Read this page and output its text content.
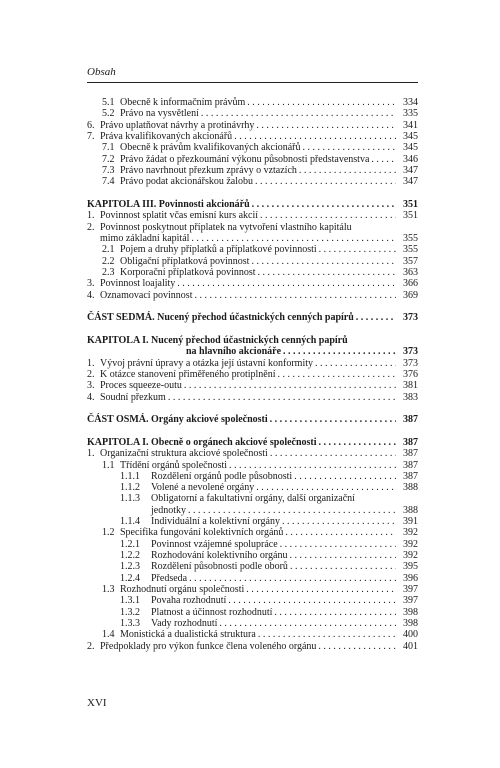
Obsah
5.1 Obecně k informačním právům . . .	334
5.2 Právo na vysvětlení . . .	335
6. Právo uplatňovat návrhy a protinávrhy . . .	341
7. Práva kvalifikovaných akcionářů . . .	345
7.1 Obecně k právům kvalifikovaných akcionářů . . .	345
7.2 Právo žádat o přezkoumání výkonu působnosti představenstva . . .	346
7.3 Právo navrhnout přezkum zprávy o vztazích . . .	347
7.4 Právo podat akcionářskou žalobu . . .	347
KAPITOLA III. Povinnosti akcionářů . . .	351
1. Povinnost splatit včas emisní kurs akcií . . .	351
2. Povinnost poskytnout příplatek na vytvoření vlastního kapitálu
mimo základní kapitál . . .	355
2.1 Pojem a druhy příplatků a příplatkové povinnosti . . .	355
2.2 Obligační příplatková povinnost . . .	357
2.3 Korporační příplatková povinnost . . .	363
3. Povinnost loajality . . .	366
4. Oznamovací povinnost . . .	369
ČÁST SEDMÁ. Nucený přechod účastnických cenných papírů . . .	373
KAPITOLA I. Nucený přechod účastnických cenných papírů
na hlavního akcionáře . . .	373
1. Vývoj právní úpravy a otázka její ústavní konformity . . .	373
2. K otázce stanovení přiměřeného protiplnění . . .	376
3. Proces squeeze-outu . . .	381
4. Soudní přezkum . . .	383
ČÁST OSMÁ. Orgány akciové společnosti . . .	387
KAPITOLA I. Obecně o orgánech akciové společnosti . . .	387
1. Organizační struktura akciové společnosti . . .	387
1.1 Třídění orgánů společnosti . . .	387
1.1.1 Rozdělení orgánů podle působnosti . . .	387
1.1.2 Volené a nevolené orgány . . .	388
1.1.3 Obligatorní a fakultativní orgány, další organizační
jednotky . . .	388
1.1.4 Individuální a kolektivní orgány . . .	391
1.2 Specifika fungování kolektivních orgánů . . .	392
1.2.1 Povinnost vzájemné spolupráce . . .	392
1.2.2 Rozhodování kolektivního orgánu . . .	392
1.2.3 Rozdělení působnosti podle oborů . . .	395
1.2.4 Předseda . . .	396
1.3 Rozhodnutí orgánu společnosti . . .	397
1.3.1 Povaha rozhodnutí . . .	397
1.3.2 Platnost a účinnost rozhodnutí . . .	398
1.3.3 Vady rozhodnutí . . .	398
1.4 Monistická a dualistická struktura . . .	400
2. Předpoklady pro výkon funkce člena voleného orgánu . . .	401
XVI
